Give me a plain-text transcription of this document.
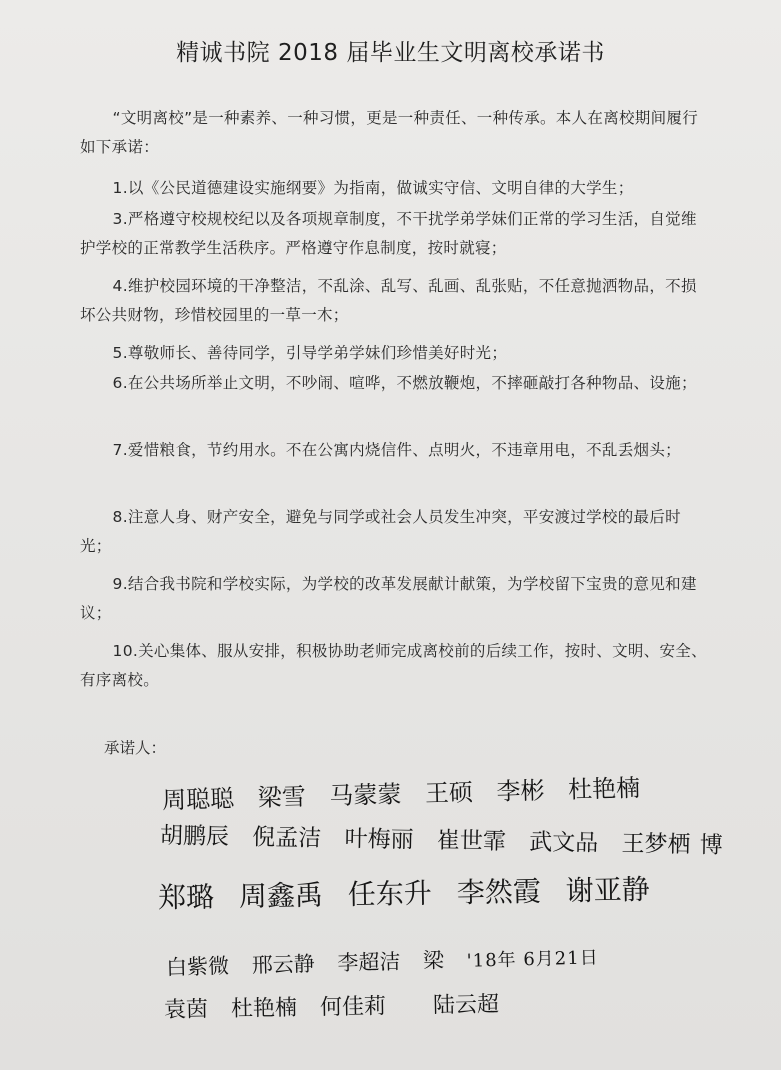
精诚书院 2018 届毕业生文明离校承诺书
“文明离校”是一种素养、一种习惯，更是一种责任、一种传承。本人在离校期间履行如下承诺：
1.以《公民道德建设实施纲要》为指南，做诚实守信、文明自律的大学生；
3.严格遵守校规校纪以及各项规章制度，不干扰学弟学妹们正常的学习生活，自觉维护学校的正常教学生活秩序。严格遵守作息制度，按时就寝；
4.维护校园环境的干净整洁，不乱涂、乱写、乱画、乱张贴，不任意抛洒物品，不损坏公共财物，珍惜校园里的一草一木；
5.尊敬师长、善待同学，引导学弟学妹们珍惜美好时光；
6.在公共场所举止文明，不吵闹、喧哗，不燃放鞭炮，不摔砸敲打各种物品、设施；
7.爱惜粮食，节约用水。不在公寓内烧信件、点明火，不违章用电，不乱丢烟头；
8.注意人身、财产安全，避免与同学或社会人员发生冲突，平安渡过学校的最后时光；
9.结合我书院和学校实际，为学校的改革发展献计献策，为学校留下宝贵的意见和建议；
10.关心集体、服从安排，积极协助老师完成离校前的后续工作，按时、文明、安全、有序离校。
承诺人：
周聪聪 梁雪 马蒙蒙 王硕 李彬 杜艳楠
胡鹏辰 倪孟洁 叶梅丽 崔世霏 武文品 王梦栖 博
郑璐 周鑫禹 任东升 李然霞 谢亚静
白紫微 邢云静 李超洁 梁 '18年 6月21日
袁茵 杜艳楠 何佳莉 陆云超
